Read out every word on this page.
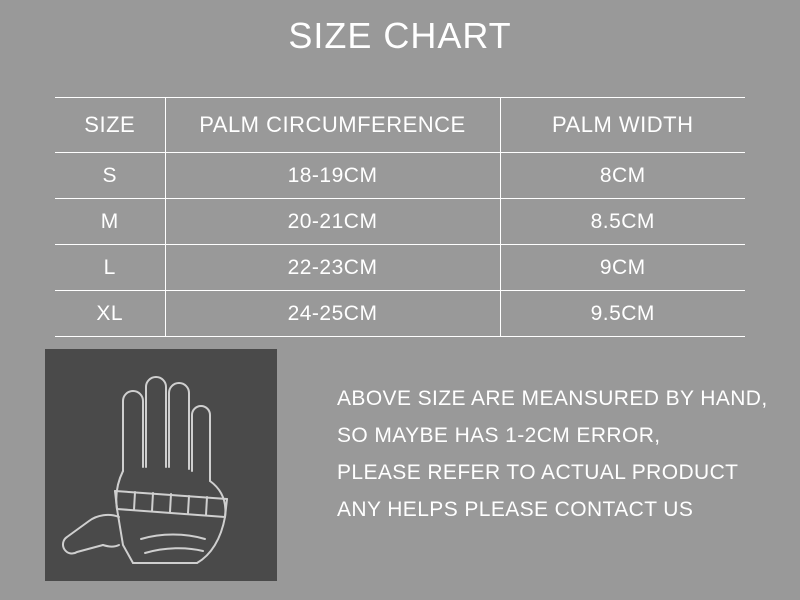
SIZE CHART
SIZE	PALM CIRCUMFERENCE	PALM WIDTH
S	18-19CM	8CM
M	20-21CM	8.5CM
L	22-23CM	9CM
XL	24-25CM	9.5CM
ABOVE SIZE ARE MEANSURED BY HAND,
SO MAYBE HAS 1-2CM ERROR,
PLEASE REFER TO ACTUAL PRODUCT
ANY HELPS PLEASE CONTACT US
